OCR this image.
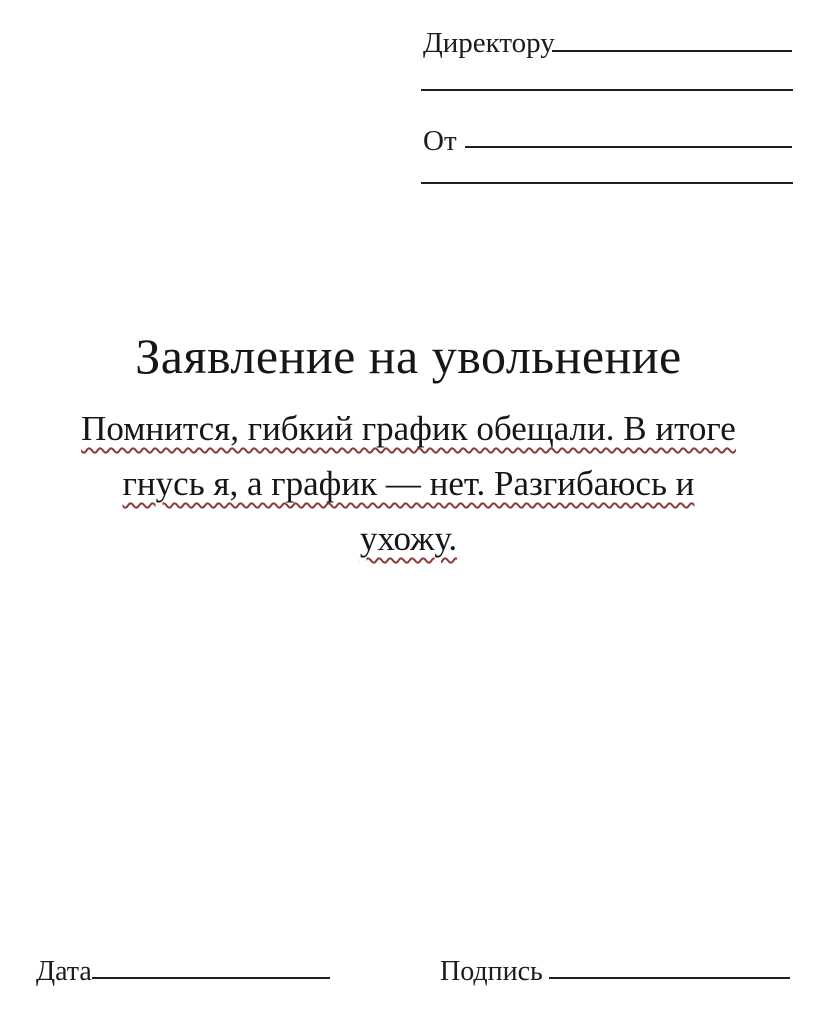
Директору
От
Заявление на увольнение
Помнится, гибкий график обещали. В итоге
гнусь я, а график — нет. Разгибаюсь и
ухожу.
Дата	Подпись
